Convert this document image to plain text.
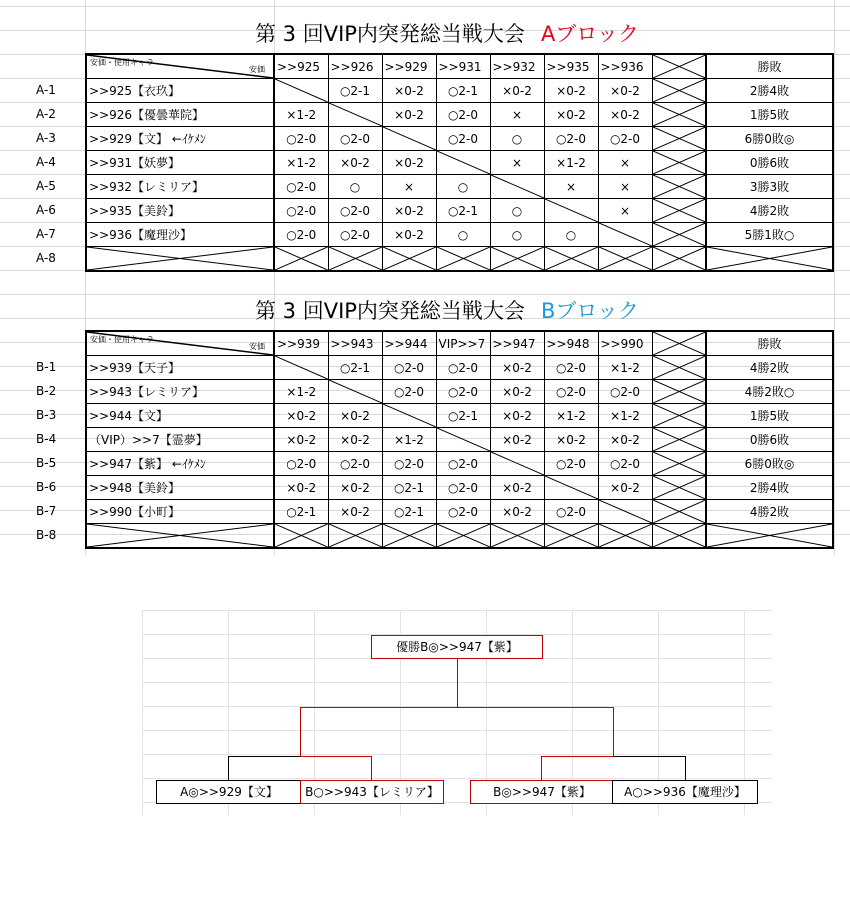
第 3 回VIP内突発総当戦大会 Aブロック
A-1
A-2
A-3
A-4
A-5
A-6
A-7
A-8
安価・使用キャラ
安価	>>925	>>926	>>929	>>931	>>932	>>935	>>936		勝敗
>>925【衣玖】		○2-1	×0-2	○2-1	×0-2	×0-2	×0-2		2勝4敗
>>926【優曇華院】	×1-2		×0-2	○2-0	×	×0-2	×0-2		1勝5敗
>>929【文】 ←ｲｹﾒﾝ	○2-0	○2-0		○2-0	○	○2-0	○2-0		6勝0敗◎
>>931【妖夢】	×1-2	×0-2	×0-2		×	×1-2	×		0勝6敗
>>932【レミリア】	○2-0	○	×	○		×	×		3勝3敗
>>935【美鈴】	○2-0	○2-0	×0-2	○2-1	○		×		4勝2敗
>>936【魔理沙】	○2-0	○2-0	×0-2	○	○	○			5勝1敗○

第 3 回VIP内突発総当戦大会 Bブロック
B-1
B-2
B-3
B-4
B-5
B-6
B-7
B-8
安価・使用キャラ
安価	>>939	>>943	>>944	VIP>>7	>>947	>>948	>>990		勝敗
>>939【天子】		○2-1	○2-0	○2-0	×0-2	○2-0	×1-2		4勝2敗
>>943【レミリア】	×1-2		○2-0	○2-0	×0-2	○2-0	○2-0		4勝2敗○
>>944【文】	×0-2	×0-2		○2-1	×0-2	×1-2	×1-2		1勝5敗
（VIP）>>7【霊夢】	×0-2	×0-2	×1-2		×0-2	×0-2	×0-2		0勝6敗
>>947【紫】 ←ｲｹﾒﾝ	○2-0	○2-0	○2-0	○2-0		○2-0	○2-0		6勝0敗◎
>>948【美鈴】	×0-2	×0-2	○2-1	○2-0	×0-2		×0-2		2勝4敗
>>990【小町】	○2-1	×0-2	○2-1	○2-0	×0-2	○2-0			4勝2敗

優勝B◎>>947【紫】
A◎>>929【文】	B○>>943【レミリア】	B◎>>947【紫】	A○>>936【魔理沙】
